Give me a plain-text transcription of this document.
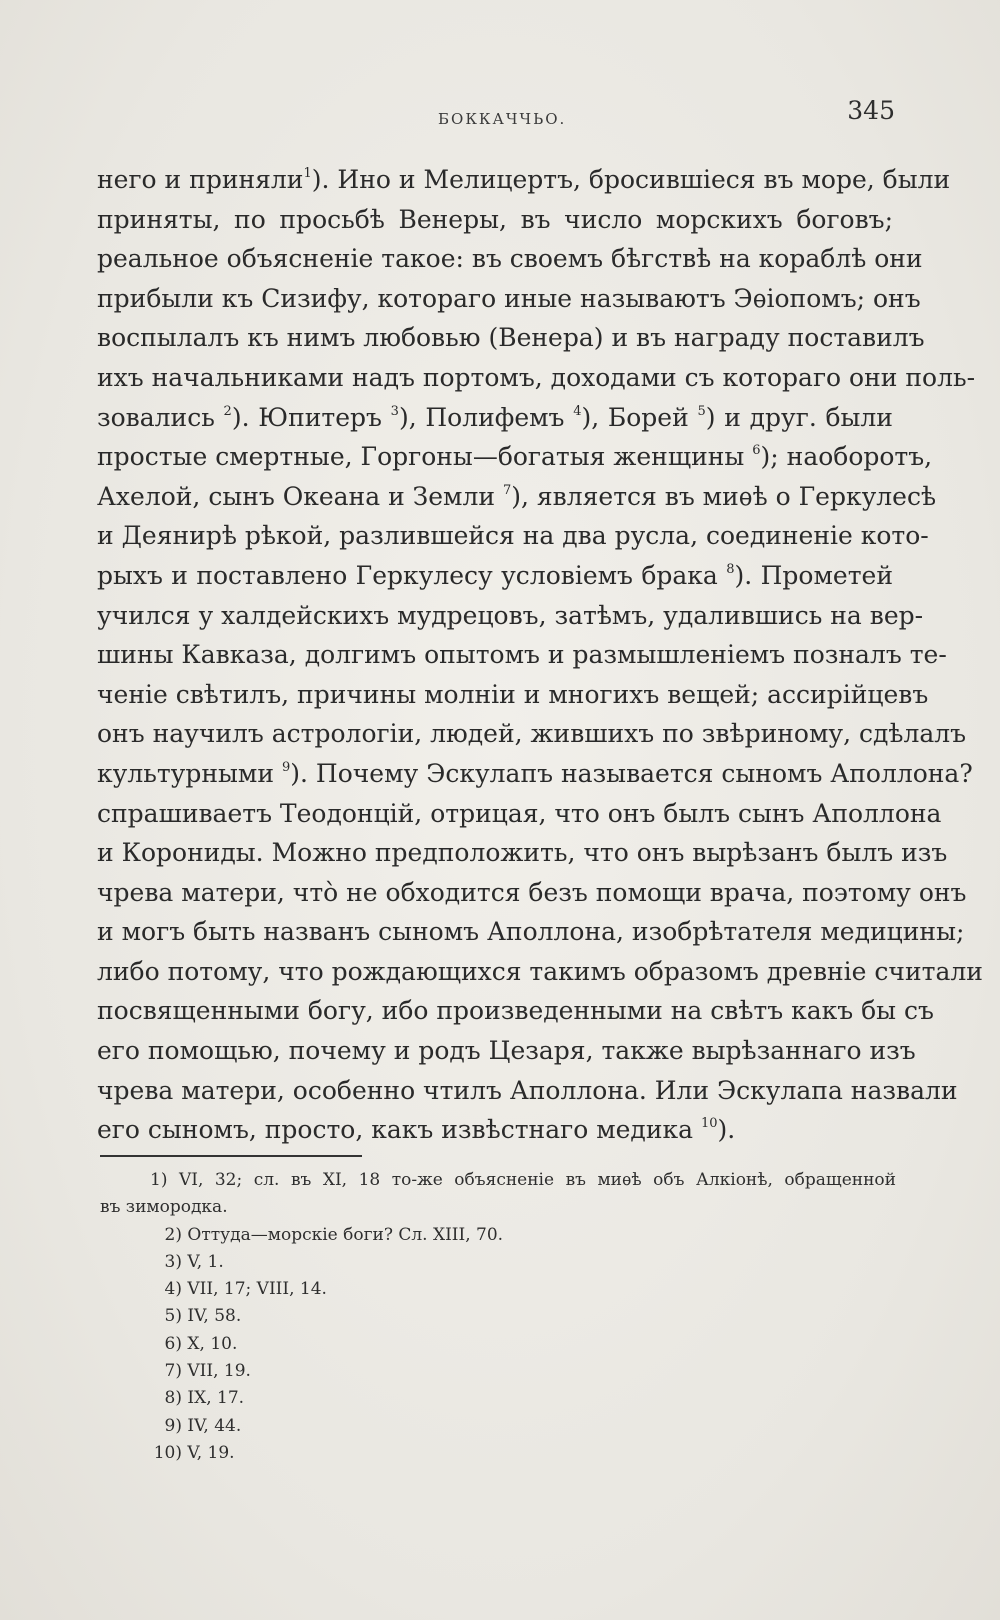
БОККАЧЧЬО.	345
него и приняли$^1$). Ино и Мелицертъ, бросившiеся въ море, были
приняты, по просьбѣ Венеры, въ число морскихъ боговъ;
реальное объясненiе такое: въ своемъ бѣгствѣ на кораблѣ они
прибыли къ Сизифу, котораго иные называютъ Эѳiопомъ; онъ
воспылалъ къ нимъ любовью (Венера) и въ награду поставилъ
ихъ начальниками надъ портомъ, доходами съ котораго они поль-
зовались $^2$). Юпитеръ $^3$), Полифемъ $^4$), Борей $^5$) и друг. были
простые смертные, Горгоны—богатыя женщины $^6$); наоборотъ,
Ахелой, сынъ Океана и Земли $^7$), является въ миѳѣ о Геркулесѣ
и Деянирѣ рѣкой, разлившейся на два русла, соединенiе кото-
рыхъ и поставлено Геркулесу условiемъ брака $^8$). Прометей
учился у халдейскихъ мудрецовъ, затѣмъ, удалившись на вер-
шины Кавказа, долгимъ опытомъ и размышленiемъ позналъ те-
ченiе свѣтилъ, причины молнiи и многихъ вещей; ассирiйцевъ
онъ научилъ астрологiи, людей, жившихъ по звѣриному, сдѣлалъ
культурными $^9$). Почему Эскулапъ называется сыномъ Аполлона?
спрашиваетъ Теодонцiй, отрицая, что онъ былъ сынъ Аполлона
и Корониды. Можно предположить, что онъ вырѣзанъ былъ изъ
чрева матери, что̀ не обходится безъ помощи врача, поэтому онъ
и могъ быть названъ сыномъ Аполлона, изобрѣтателя медицины;
либо потому, что рождающихся такимъ образомъ древнiе считали
посвященными богу, ибо произведенными на свѣтъ какъ бы съ
его помощью, почему и родъ Цезаря, также вырѣзаннаго изъ
чрева матери, особенно чтилъ Аполлона. Или Эскулапа назвали
его сыномъ, просто, какъ извѣстнаго медика $^{10}$).
1) VI, 32; сл. въ XI, 18 то-же объясненiе въ миѳѣ объ Алкiонѣ, обращенной
въ зимородка.
2) Оттуда—морскiе боги? Сл. XIII, 70.
3) V, 1.
4) VII, 17; VIII, 14.
5) IV, 58.
6) X, 10.
7) VII, 19.
8) IX, 17.
9) IV, 44.
10) V, 19.
